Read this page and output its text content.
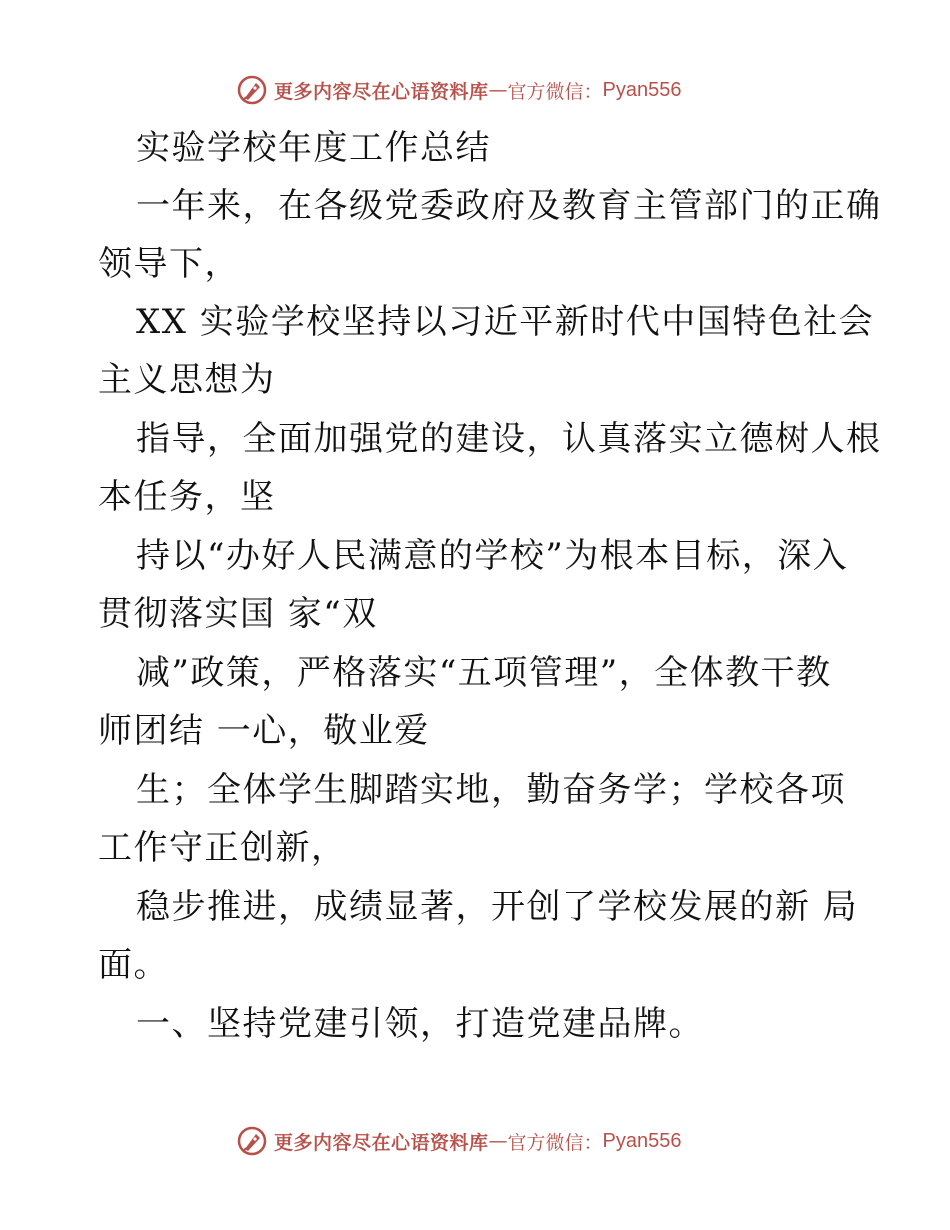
更多内容尽在心语资料库 — 官方微信： Pyan556
实验学校年度工作总结
一年来，在各级党委政府及教育主管部门的正确
领导下，
XX 实验学校坚持以习近平新时代中国特色社会
主义思想为
指导，全面加强党的建设，认真落实立德树人根
本任务，坚
持以“办好人民满意的学校”为根本目标，深入
贯彻落实国 家“双
减”政策，严格落实“五项管理”，全体教干教
师团结 一心，敬业爱
生；全体学生脚踏实地，勤奋务学；学校各项
工作守正创新，
稳步推进，成绩显著，开创了学校发展的新 局
面。
一、坚持党建引领，打造党建品牌。
更多内容尽在心语资料库 — 官方微信： Pyan556
